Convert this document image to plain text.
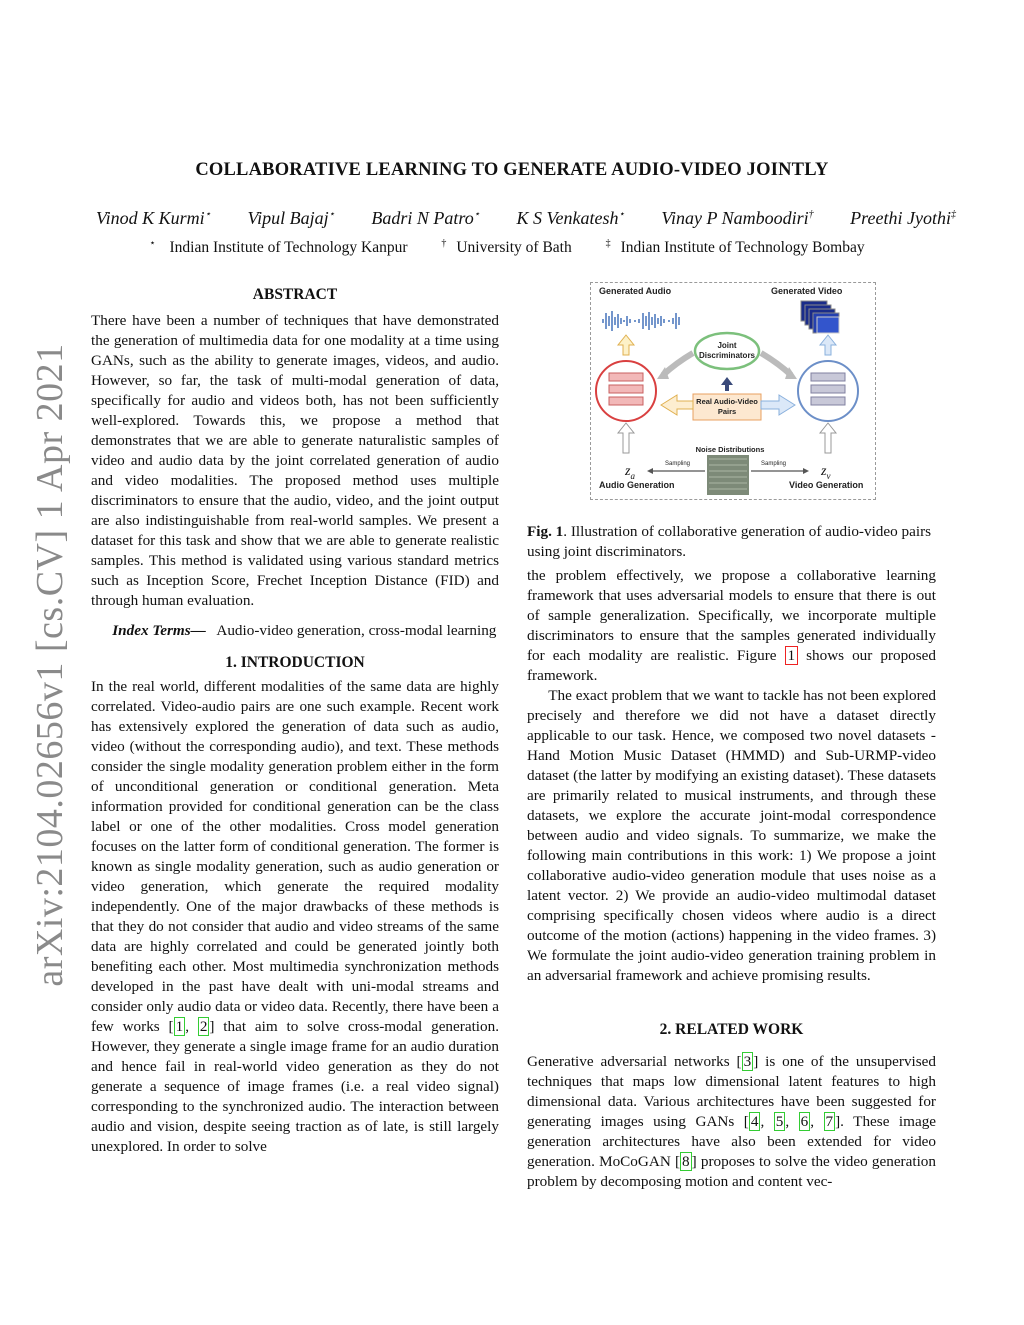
arXiv:2104.02656v1 [cs.CV] 1 Apr 2021
COLLABORATIVE LEARNING TO GENERATE AUDIO-VIDEO JOINTLY
Vinod K Kurmi⋆ Vipul Bajaj⋆ Badri N Patro⋆ K S Venkatesh⋆ Vinay P Namboodiri† Preethi Jyothi‡
⋆ Indian Institute of Technology Kanpur	† University of Bath	‡ Indian Institute of Technology Bombay
ABSTRACT

There have been a number of techniques that have demonstrated the generation of multimedia data for one modality at a time using GANs, such as the ability to generate images, videos, and audio. However, so far, the task of multi-modal generation of data, specifically for audio and videos both, has not been sufficiently well-explored. Towards this, we propose a method that demonstrates that we are able to generate naturalistic samples of video and audio data by the joint correlated generation of audio and video modalities. The proposed method uses multiple discriminators to ensure that the audio, video, and the joint output are also indistinguishable from real-world samples. We present a dataset for this task and show that we are able to generate realistic samples. This method is validated using various standard metrics such as Inception Score, Frechet Inception Distance (FID) and through human evaluation.

Index Terms— Audio-video generation, cross-modal learning

1. INTRODUCTION

In the real world, different modalities of the same data are highly correlated. Video-audio pairs are one such example. Recent work has extensively explored the generation of data such as audio, video (without the corresponding audio), and text. These methods consider the single modality generation problem either in the form of unconditional generation or conditional generation. Meta information provided for conditional generation can be the class label or one of the other modalities. Cross model generation focuses on the latter form of conditional generation. The former is known as single modality generation, such as audio generation or video generation, which generate the required modality independently. One of the major drawbacks of these methods is that they do not consider that audio and video streams of the same data are highly correlated and could be generated jointly both benefiting each other. Most multimedia synchronization methods developed in the past have dealt with uni-modal streams and consider only audio data or video data. Recently, there have been a few works [ 1 , 2 ] that aim to solve cross-modal generation. However, they generate a single image frame for an audio duration and hence fail in real-world video generation as they do not generate a sequence of image frames (i.e. a real video signal) corresponding to the synchronized audio. The interaction between audio and vision, despite seeing traction as of late, is still largely unexplored. In order to solve

Generated Audio	Generated Video
Joint
Discriminators
Real Audio-Video
Pairs
Noise Distributions
Sampling	Sampling
$z_a$	$z_v$
Audio Generation	Video Generation
Fig. 1. Illustration of collaborative generation of audio-video pairs using joint discriminators.

the problem effectively, we propose a collaborative learning framework that uses adversarial models to ensure that there is out of sample generalization. Specifically, we incorporate multiple discriminators to ensure that the samples generated individually for each modality are realistic. Figure 1 shows our proposed framework.

The exact problem that we want to tackle has not been explored precisely and therefore we did not have a dataset directly applicable to our task. Hence, we composed two novel datasets - Hand Motion Music Dataset (HMMD) and Sub-URMP-video dataset (the latter by modifying an existing dataset). These datasets are primarily related to musical instruments, and through these datasets, we explore the accurate joint-modal correspondence between audio and video signals. To summarize, we make the following main contributions in this work: 1) We propose a joint collaborative audio-video generation module that uses noise as a latent vector. 2) We provide an audio-video multimodal dataset comprising specifically chosen videos where audio is a direct outcome of the motion (actions) happening in the video frames. 3) We formulate the joint audio-video generation training problem in an adversarial framework and achieve promising results.

2. RELATED WORK

Generative adversarial networks [ 3 ] is one of the unsupervised techniques that maps low dimensional latent features to high dimensional data. Various architectures have been suggested for generating images using GANs [ 4 , 5 , 6 , 7 ]. These image generation architectures have also been extended for video generation. MoCoGAN [ 8 ] proposes to solve the video generation problem by decomposing motion and content vec-
